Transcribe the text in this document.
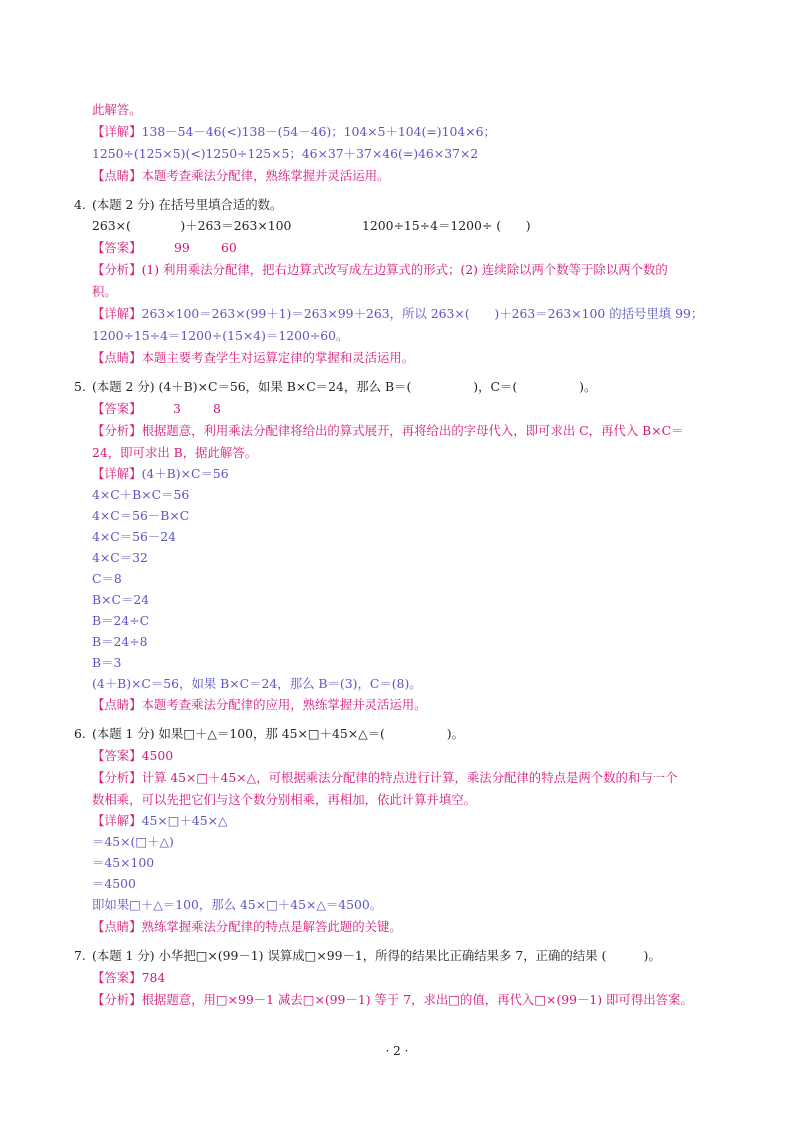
此解答。
【详解】138－54－46(<)138－(54－46)；104×5＋104(=)104×6；
1250÷(125×5)(<)1250÷125×5；46×37＋37×46(=)46×37×2
【点睛】本题考查乘法分配律，熟练掌握并灵活运用。
4. (本题 2 分) 在括号里填合适的数。
263×(　　　　)＋263＝263×100	1200÷15÷4＝1200÷ (　　)
【答案】	99	60
【分析】(1) 利用乘法分配律，把右边算式改写成左边算式的形式；(2) 连续除以两个数等于除以两个数的
积。
【详解】263×100＝263×(99＋1)＝263×99＋263，所以 263×(　　)＋263＝263×100 的括号里填 99；
1200÷15÷4＝1200÷(15×4)＝1200÷60。
【点睛】本题主要考查学生对运算定律的掌握和灵活运用。
5. (本题 2 分) (4＋B)×C＝56，如果 B×C＝24，那么 B＝(　　　　　)，C＝(　　　　　)。
【答案】	3	8
【分析】根据题意，利用乘法分配律将给出的算式展开，再将给出的字母代入，即可求出 C，再代入 B×C＝
24，即可求出 B，据此解答。
【详解】(4＋B)×C＝56
4×C＋B×C＝56
4×C＝56－B×C
4×C＝56－24
4×C＝32
C＝8
B×C＝24
B＝24÷C
B＝24÷8
B＝3
(4＋B)×C＝56，如果 B×C＝24，那么 B＝(3)，C＝(8)。
【点睛】本题考查乘法分配律的应用，熟练掌握并灵活运用。
6. (本题 1 分) 如果□＋△＝100，那 45×□＋45×△＝(　　　　　)。
【答案】4500
【分析】计算 45×□＋45×△，可根据乘法分配律的特点进行计算，乘法分配律的特点是两个数的和与一个
数相乘，可以先把它们与这个数分别相乘，再相加，依此计算并填空。
【详解】45×□＋45×△
＝45×(□＋△)
＝45×100
＝4500
即如果□＋△＝100，那么 45×□＋45×△＝4500。
【点睛】熟练掌握乘法分配律的特点是解答此题的关键。
7. (本题 1 分) 小华把□×(99－1) 误算成□×99－1，所得的结果比正确结果多 7，正确的结果 (　　　)。
【答案】784
【分析】根据题意，用□×99－1 减去□×(99－1) 等于 7，求出□的值，再代入□×(99－1) 即可得出答案。
· 2 ·
